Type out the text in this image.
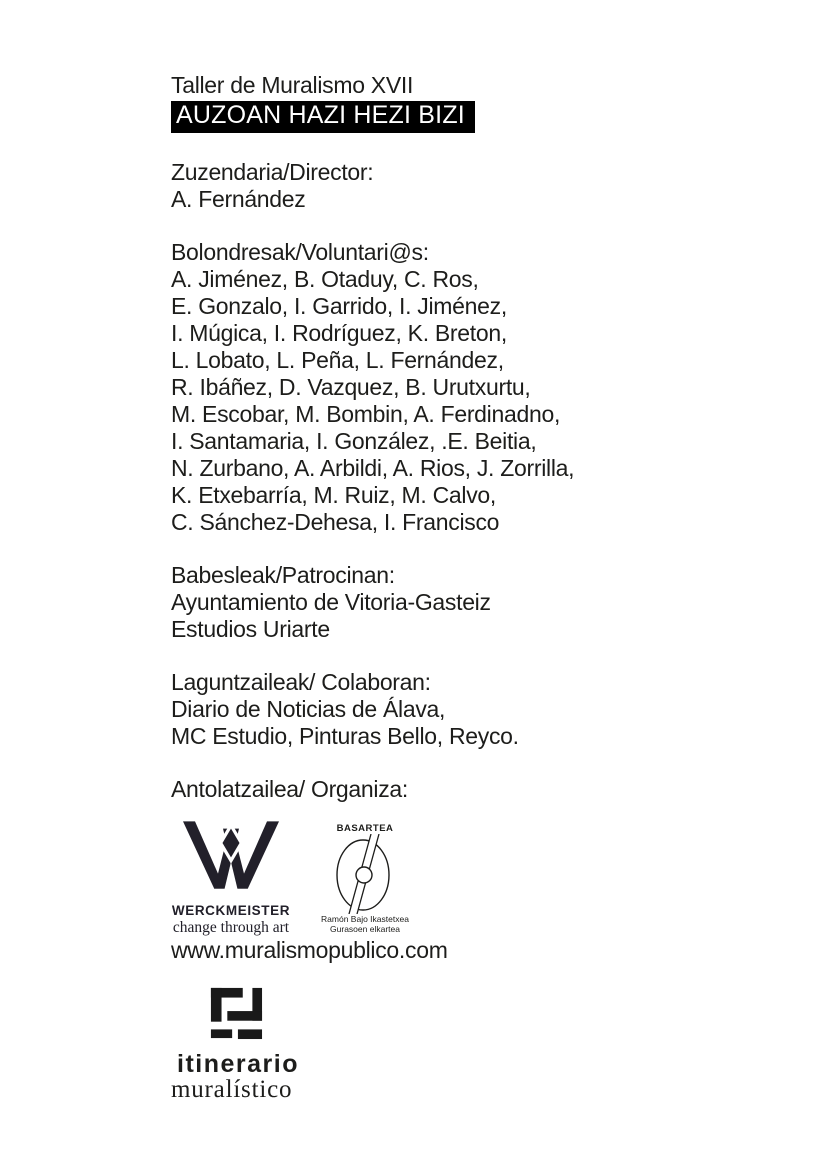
Taller de Muralismo XVII

AUZOAN HAZI HEZI BIZI

Zuzendaria/Director:

A. Fernández

Bolondresak/Voluntari@s:

A. Jiménez, B. Otaduy, C. Ros,

E. Gonzalo, I. Garrido, I. Jiménez,

I. Múgica, I. Rodríguez, K. Breton,

L. Lobato, L. Peña, L. Fernández,

R. Ibáñez, D. Vazquez, B. Urutxurtu,

M. Escobar, M. Bombin, A. Ferdinadno,

I. Santamaria, I. González, .E. Beitia,

N. Zurbano, A. Arbildi, A. Rios, J. Zorrilla,

K. Etxebarría, M. Ruiz, M. Calvo,

C. Sánchez-Dehesa, I. Francisco

Babesleak/Patrocinan:

Ayuntamiento de Vitoria-Gasteiz

Estudios Uriarte

Laguntzaileak/ Colaboran:

Diario de Noticias de Álava,

MC Estudio, Pinturas Bello, Reyco.

Antolatzailea/ Organiza:

WERCKMEISTER
change through art
BASARTEA
Ramón Bajo Ikastetxea
Gurasoen elkartea

www.muralismopublico.com

itinerario
muralístico
